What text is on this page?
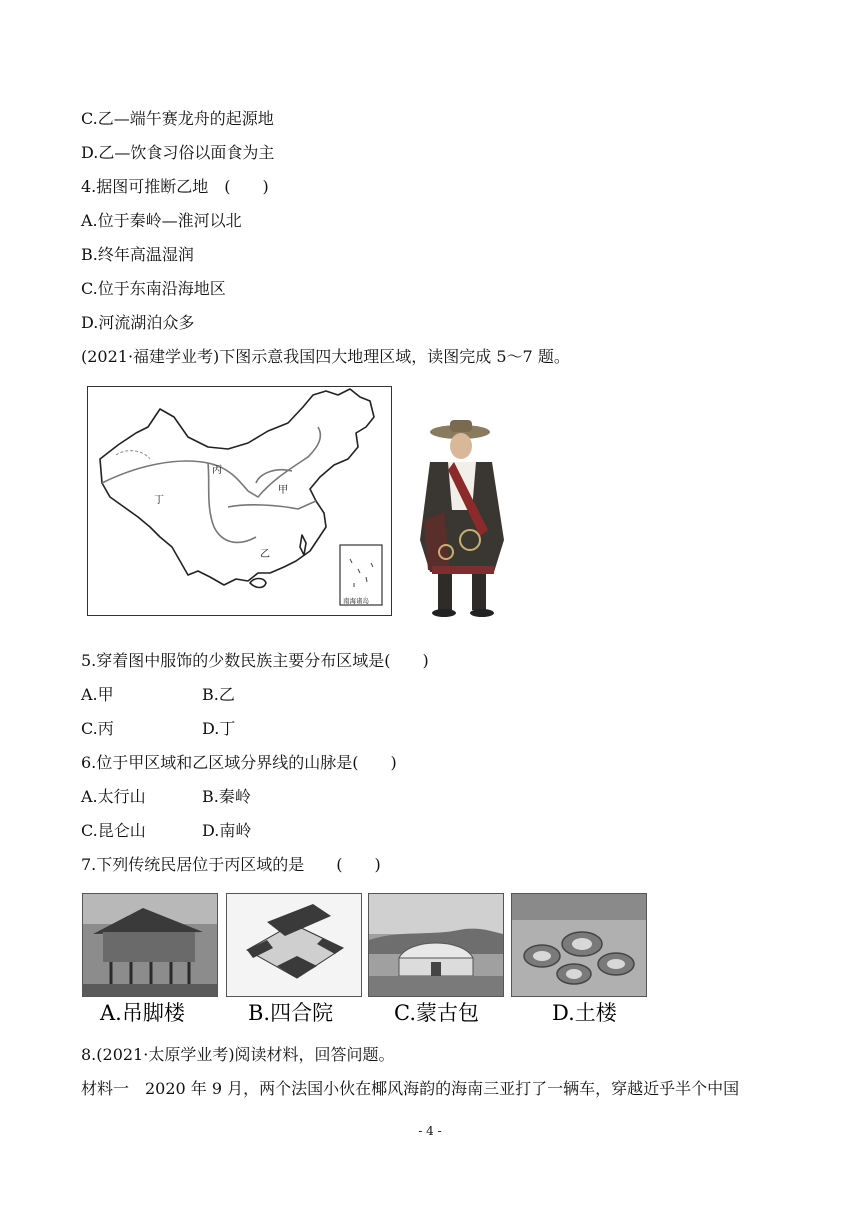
C.乙—端午赛龙舟的起源地
D.乙—饮食习俗以面食为主
4.据图可推断乙地　(　　)
A.位于秦岭—淮河以北
B.终年高温湿润
C.位于东南沿海地区
D.河流湖泊众多
(2021·福建学业考)下图示意我国四大地理区域，读图完成 5～7 题。
丙
甲
丁
乙
南海诸岛
5.穿着图中服饰的少数民族主要分布区域是(　　)
A.甲	B.乙
C.丙	D.丁
6.位于甲区域和乙区域分界线的山脉是(　　)
A.太行山	B.秦岭
C.昆仑山	D.南岭
7.下列传统民居位于丙区域的是　　(　　)
A.吊脚楼	B.四合院	C.蒙古包	D.土楼
8.(2021·太原学业考)阅读材料，回答问题。
材料一　2020 年 9 月，两个法国小伙在椰风海韵的海南三亚打了一辆车，穿越近乎半个中国
- 4 -
